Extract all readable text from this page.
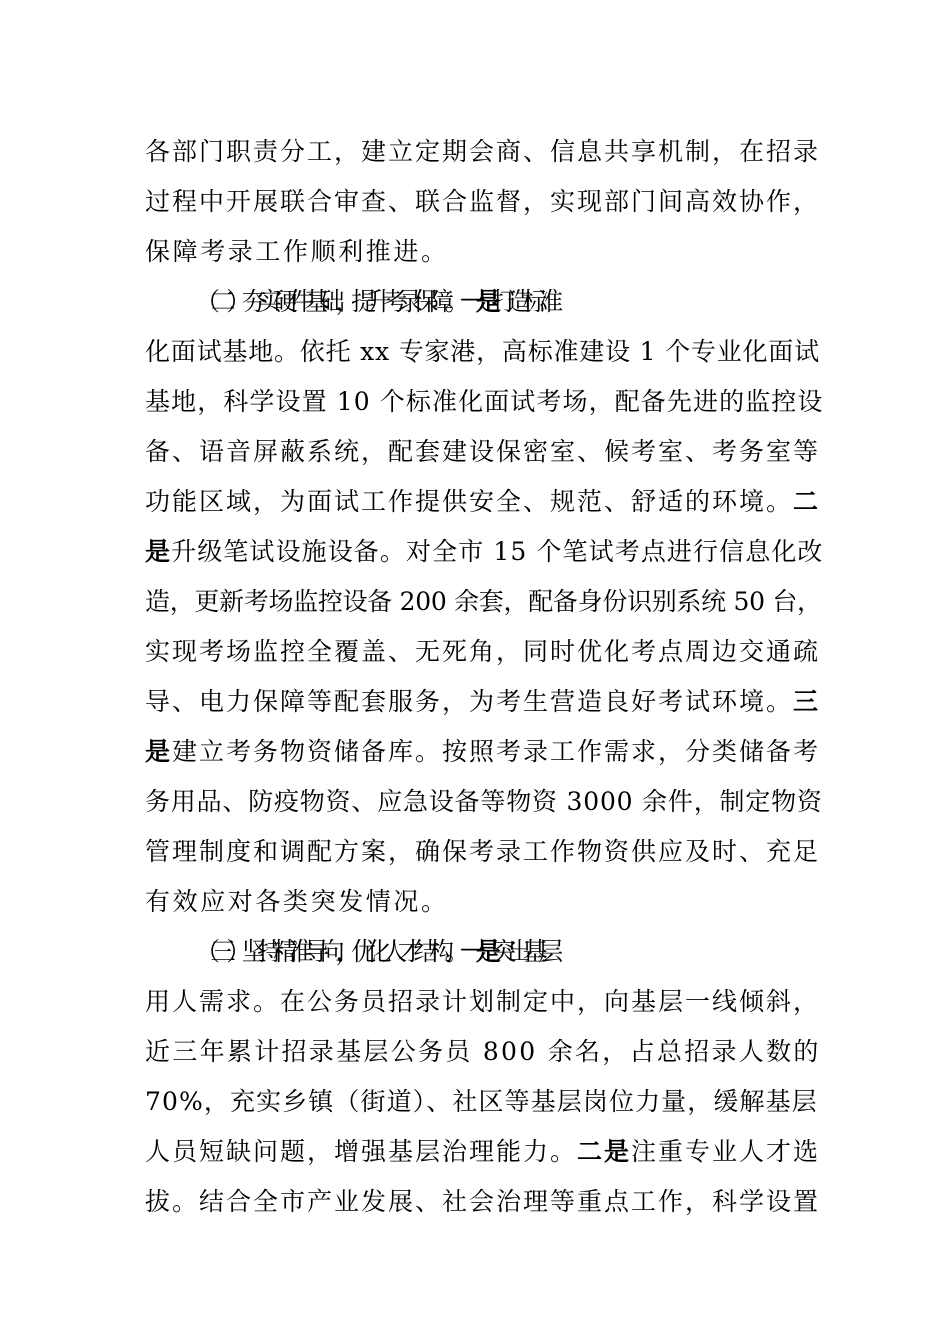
各部门职责分工，建立定期会商、信息共享机制，在招录
过程中开展联合审查、联合监督，实现部门间高效协作，
保障考录工作顺利推进。
（二）夯实硬件基础，提升考录保障。一是打造标准
化面试基地。依托 xx 专家港，高标准建设 1 个专业化面试
基地，科学设置 10 个标准化面试考场，配备先进的监控设
备、语音屏蔽系统，配套建设保密室、候考室、考务室等
功能区域，为面试工作提供安全、规范、舒适的环境。二
是升级笔试设施设备。对全市 15 个笔试考点进行信息化改
造，更新考场监控设备 200 余套，配备身份识别系统 50 台，
实现考场监控全覆盖、无死角，同时优化考点周边交通疏
导、电力保障等配套服务，为考生营造良好考试环境。三
是建立考务物资储备库。按照考录工作需求，分类储备考
务用品、防疫物资、应急设备等物资 3000 余件，制定物资
管理制度和调配方案，确保考录工作物资供应及时、充足
有效应对各类突发情况。
（三）坚持精准导向，优化人才结构。一是突出基层
用人需求。在公务员招录计划制定中，向基层一线倾斜，
近三年累计招录基层公务员 800 余名，占总招录人数的
70%，充实乡镇（街道）、社区等基层岗位力量，缓解基层
人员短缺问题，增强基层治理能力。二是注重专业人才选
拔。结合全市产业发展、社会治理等重点工作，科学设置
